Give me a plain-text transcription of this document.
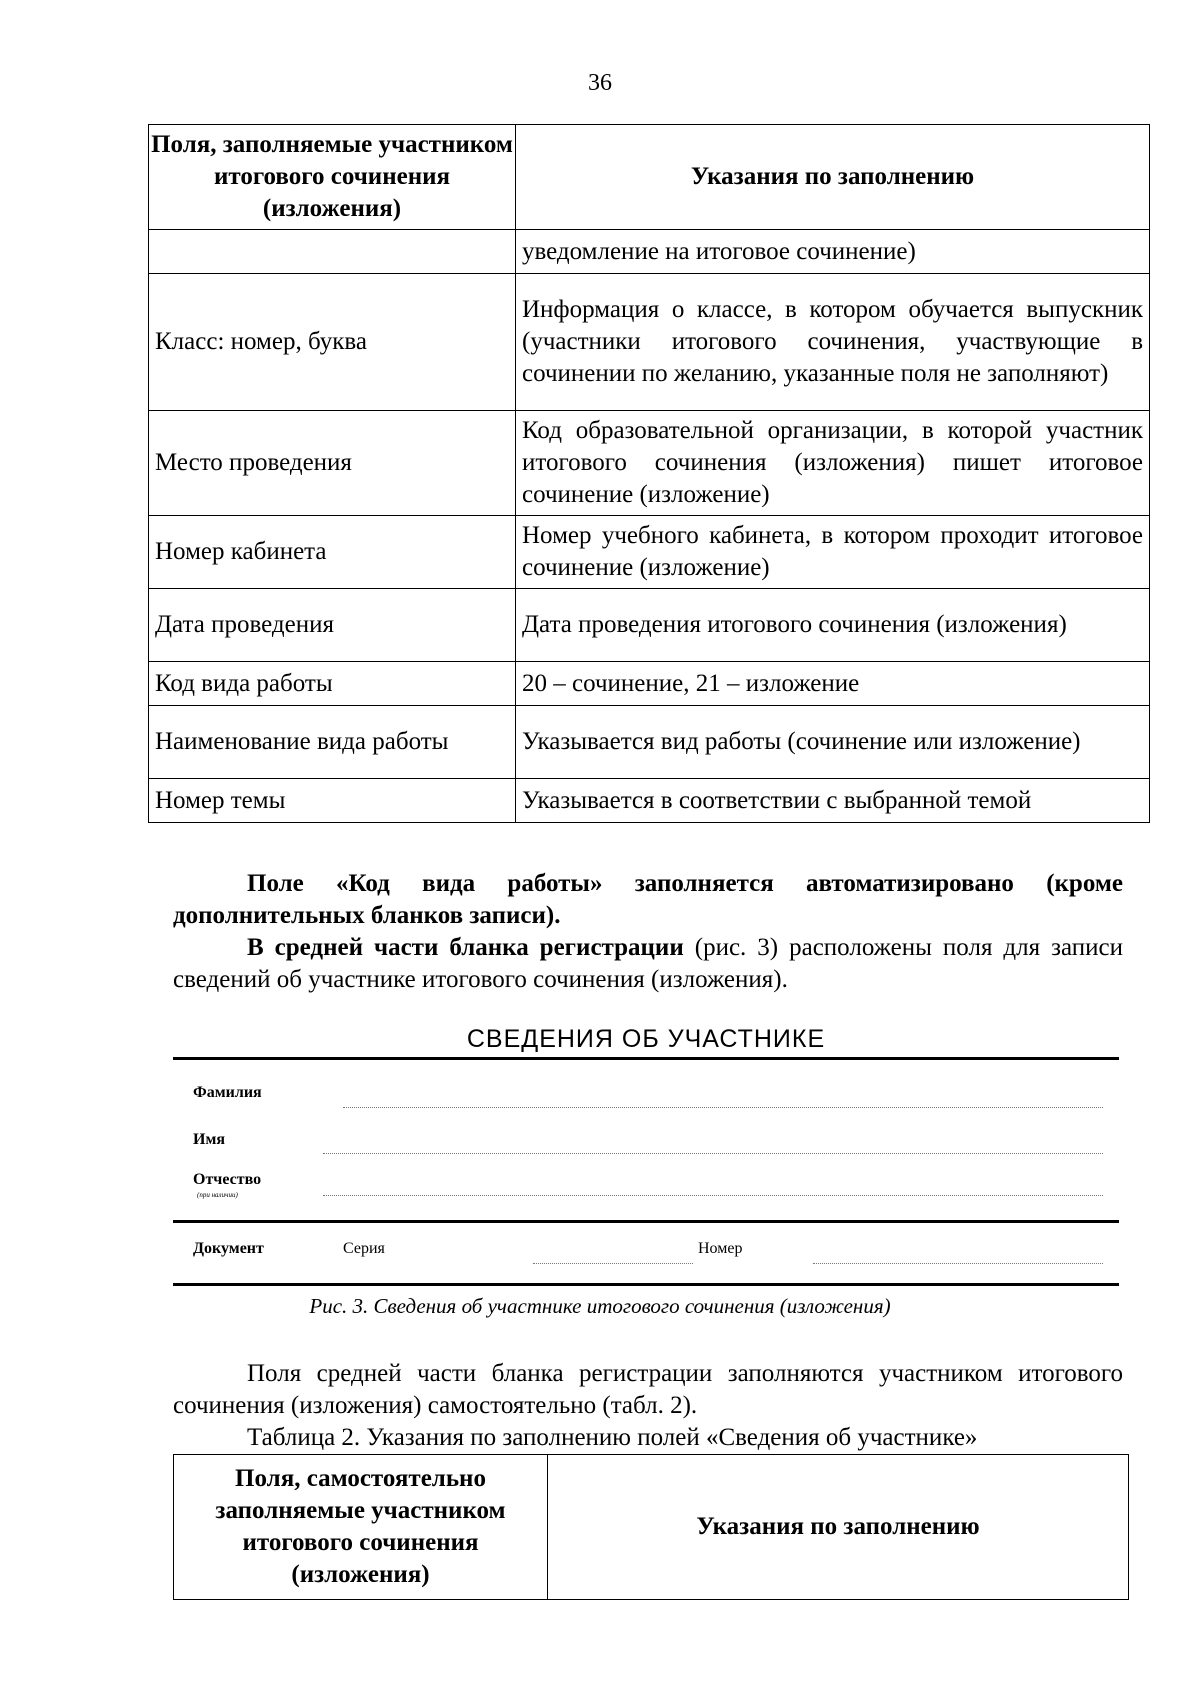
36
Поля, заполняемые участником итогового сочинения (изложения)	Указания по заполнению
	уведомление на итоговое сочинение)
Класс: номер, буква	Информация о классе, в котором обучается выпускник (участники итогового сочинения, участвующие в сочинении по желанию, указанные поля не заполняют)
Место проведения	Код образовательной организации, в которой участник итогового сочинения (изложения) пишет итоговое сочинение (изложение)
Номер кабинета	Номер учебного кабинета, в котором проходит итоговое сочинение (изложение)
Дата проведения	Дата проведения итогового сочинения (изложения)
Код вида работы	20 – сочинение, 21 – изложение
Наименование вида работы	Указывается вид работы (сочинение или изложение)
Номер темы	Указывается в соответствии с выбранной темой
Поле «Код вида работы» заполняется автоматизировано (кроме дополнительных бланков записи).
В средней части бланка регистрации (рис. 3) расположены поля для записи сведений об участнике итогового сочинения (изложения).
СВЕДЕНИЯ ОБ УЧАСТНИКЕ
Фамилия
Имя
Отчество
(при наличии)
Документ	Серия	Номер
Рис. 3. Сведения об участнике итогового сочинения (изложения)
Поля средней части бланка регистрации заполняются участником итогового сочинения (изложения) самостоятельно (табл. 2).
Таблица 2. Указания по заполнению полей «Сведения об участнике»
Поля, самостоятельно заполняемые участником итогового сочинения (изложения)	Указания по заполнению
